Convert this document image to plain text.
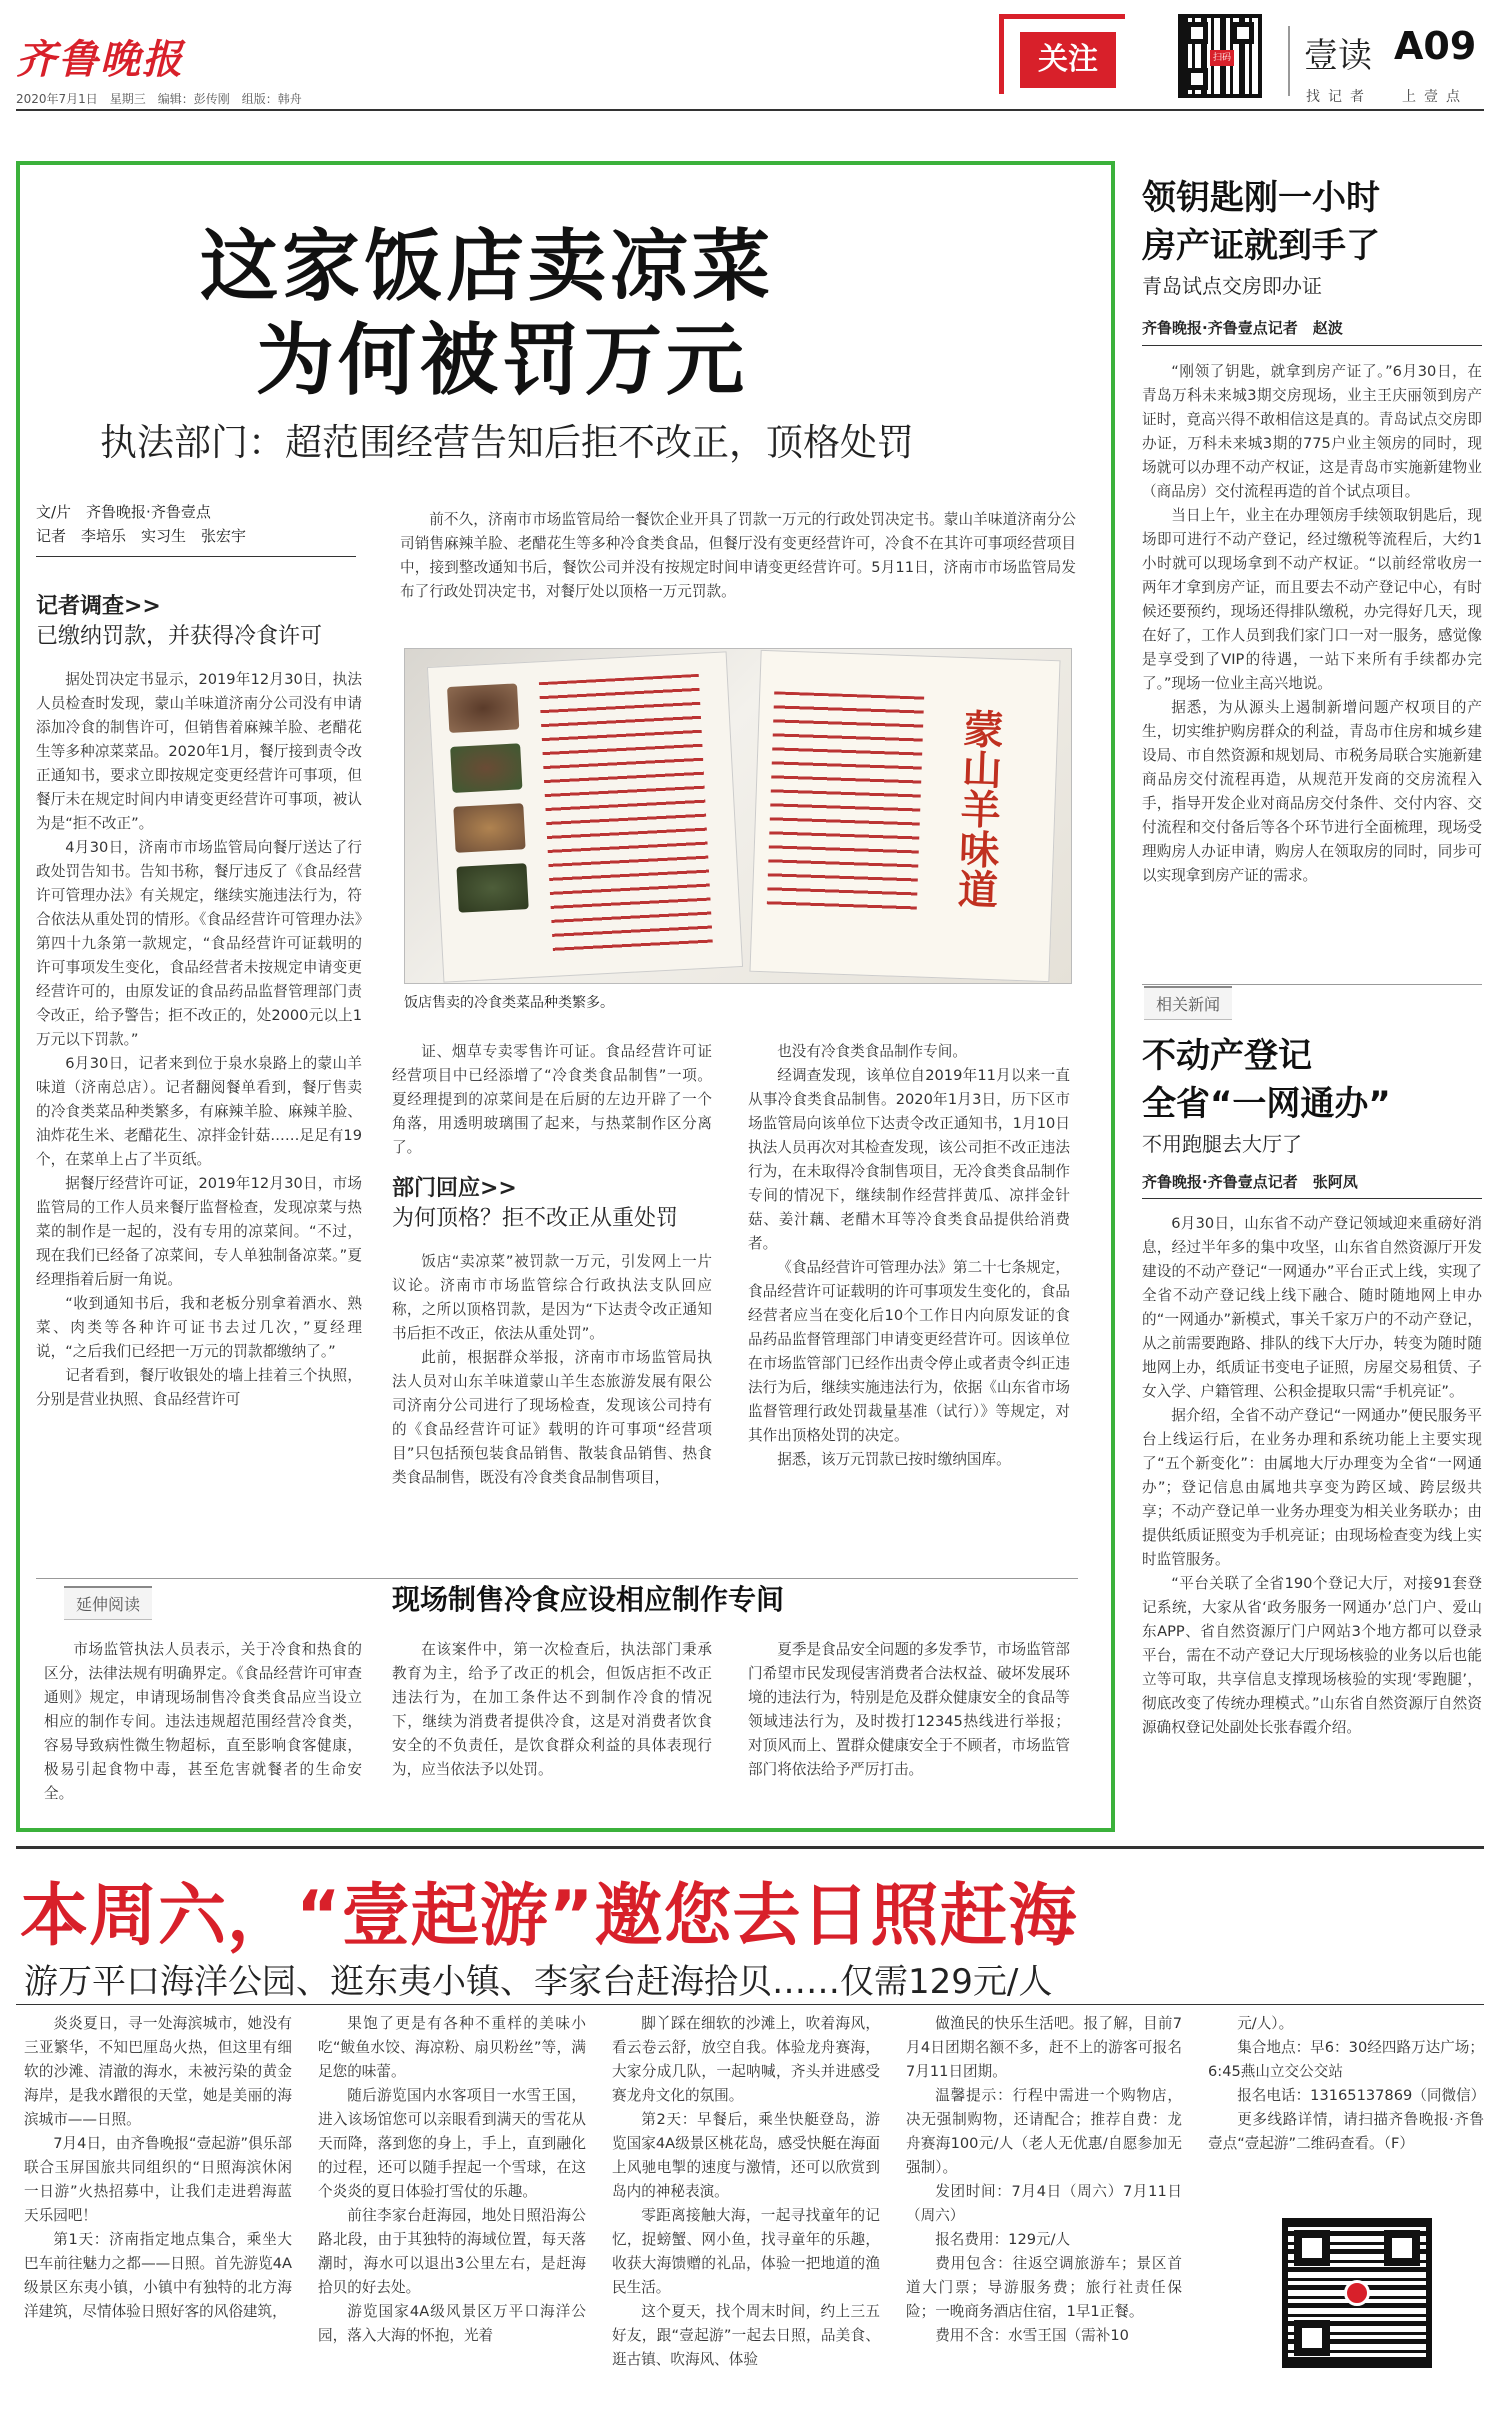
齐鲁晚报
2020年7月1日　星期三　编辑：彭传刚　组版：韩舟
关注	扫码 壹读 A09
找记者 上壹点
这家饭店卖凉菜
为何被罚万元
执法部门：超范围经营告知后拒不改正，顶格处罚
文/片　齐鲁晚报·齐鲁壹点
记者　李培乐　实习生　张宏宇
前不久，济南市市场监管局给一餐饮企业开具了罚款一万元的行政处罚决定书。蒙山羊味道济南分公司销售麻辣羊脸、老醋花生等多种冷食类食品，但餐厅没有变更经营许可，冷食不在其许可事项经营项目中，接到整改通知书后，餐饮公司并没有按规定时间申请变更经营许可。5月11日，济南市市场监管局发布了行政处罚决定书，对餐厅处以顶格一万元罚款。
蒙山羊味道
饭店售卖的冷食类菜品种类繁多。
记者调查>>
已缴纳罚款，并获得冷食许可

据处罚决定书显示，2019年12月30日，执法人员检查时发现，蒙山羊味道济南分公司没有申请添加冷食的制售许可，但销售着麻辣羊脸、老醋花生等多种凉菜菜品。2020年1月，餐厅接到责令改正通知书，要求立即按规定变更经营许可事项，但餐厅未在规定时间内申请变更经营许可事项，被认为是“拒不改正”。

4月30日，济南市市场监管局向餐厅送达了行政处罚告知书。告知书称，餐厅违反了《食品经营许可管理办法》有关规定，继续实施违法行为，符合依法从重处罚的情形。《食品经营许可管理办法》第四十九条第一款规定，“食品经营许可证载明的许可事项发生变化，食品经营者未按规定申请变更经营许可的，由原发证的食品药品监督管理部门责令改正，给予警告；拒不改正的，处2000元以上1万元以下罚款。”

6月30日，记者来到位于泉水泉路上的蒙山羊味道（济南总店）。记者翻阅餐单看到，餐厅售卖的冷食类菜品种类繁多，有麻辣羊脸、麻辣羊脸、油炸花生米、老醋花生、凉拌金针菇……足足有19个，在菜单上占了半页纸。

据餐厅经营许可证，2019年12月30日，市场监管局的工作人员来餐厅监督检查，发现凉菜与热菜的制作是一起的，没有专用的凉菜间。“不过，现在我们已经备了凉菜间，专人单独制备凉菜。”夏经理指着后厨一角说。

“收到通知书后，我和老板分别拿着酒水、熟菜、肉类等各种许可证书去过几次，”夏经理说，“之后我们已经把一万元的罚款都缴纳了。”

记者看到，餐厅收银处的墙上挂着三个执照，分别是营业执照、食品经营许可

证、烟草专卖零售许可证。食品经营许可证经营项目中已经添增了“冷食类食品制售”一项。夏经理提到的凉菜间是在后厨的左边开辟了一个角落，用透明玻璃围了起来，与热菜制作区分离了。

部门回应>>
为何顶格？拒不改正从重处罚

饭店“卖凉菜”被罚款一万元，引发网上一片议论。济南市市场监管综合行政执法支队回应称，之所以顶格罚款，是因为“下达责令改正通知书后拒不改正，依法从重处罚”。

此前，根据群众举报，济南市市场监管局执法人员对山东羊味道蒙山羊生态旅游发展有限公司济南分公司进行了现场检查，发现该公司持有的《食品经营许可证》载明的许可事项“经营项目”只包括预包装食品销售、散装食品销售、热食类食品制售，既没有冷食类食品制售项目，

也没有冷食类食品制作专间。

经调查发现，该单位自2019年11月以来一直从事冷食类食品制售。2020年1月3日，历下区市场监管局向该单位下达责令改正通知书，1月10日执法人员再次对其检查发现，该公司拒不改正违法行为，在未取得冷食制售项目，无冷食类食品制作专间的情况下，继续制作经营拌黄瓜、凉拌金针菇、姜汁藕、老醋木耳等冷食类食品提供给消费者。

《食品经营许可管理办法》第二十七条规定，食品经营许可证载明的许可事项发生变化的，食品经营者应当在变化后10个工作日内向原发证的食品药品监督管理部门申请变更经营许可。因该单位在市场监管部门已经作出责令停止或者责令纠正违法行为后，继续实施违法行为，依据《山东省市场监督管理行政处罚裁量基准（试行）》等规定，对其作出顶格处罚的决定。

据悉，该万元罚款已按时缴纳国库。

延伸阅读	现场制售冷食应设相应制作专间
市场监管执法人员表示，关于冷食和热食的区分，法律法规有明确界定。《食品经营许可审查通则》规定，申请现场制售冷食类食品应当设立相应的制作专间。违法违规超范围经营冷食类，容易导致病性微生物超标，直至影响食客健康，极易引起食物中毒，甚至危害就餐者的生命安全。
在该案件中，第一次检查后，执法部门秉承教育为主，给予了改正的机会，但饭店拒不改正违法行为，在加工条件达不到制作冷食的情况下，继续为消费者提供冷食，这是对消费者饮食安全的不负责任，是饮食群众利益的具体表现行为，应当依法予以处罚。
夏季是食品安全问题的多发季节，市场监管部门希望市民发现侵害消费者合法权益、破坏发展环境的违法行为，特别是危及群众健康安全的食品等领域违法行为，及时拨打12345热线进行举报；对顶风而上、置群众健康安全于不顾者，市场监管部门将依法给予严厉打击。
领钥匙刚一小时
房产证就到手了
青岛试点交房即办证
齐鲁晚报·齐鲁壹点记者　赵波

“刚领了钥匙，就拿到房产证了。”6月30日，在青岛万科未来城3期交房现场，业主王庆丽领到房产证时，竟高兴得不敢相信这是真的。青岛试点交房即办证，万科未来城3期的775户业主领房的同时，现场就可以办理不动产权证，这是青岛市实施新建物业（商品房）交付流程再造的首个试点项目。

当日上午，业主在办理领房手续领取钥匙后，现场即可进行不动产登记，经过缴税等流程后，大约1小时就可以现场拿到不动产权证。“以前经常收房一两年才拿到房产证，而且要去不动产登记中心，有时候还要预约，现场还得排队缴税，办完得好几天，现在好了，工作人员到我们家门口一对一服务，感觉像是享受到了VIP的待遇，一站下来所有手续都办完了。”现场一位业主高兴地说。

据悉，为从源头上遏制新增问题产权项目的产生，切实维护购房群众的利益，青岛市住房和城乡建设局、市自然资源和规划局、市税务局联合实施新建商品房交付流程再造，从规范开发商的交房流程入手，指导开发企业对商品房交付条件、交付内容、交付流程和交付备后等各个环节进行全面梳理，现场受理购房人办证申请，购房人在领取房的同时，同步可以实现拿到房产证的需求。

相关新闻
不动产登记
全省“一网通办”
不用跑腿去大厅了
齐鲁晚报·齐鲁壹点记者　张阿凤

6月30日，山东省不动产登记领域迎来重磅好消息，经过半年多的集中攻坚，山东省自然资源厅开发建设的不动产登记“一网通办”平台正式上线，实现了全省不动产登记线上线下融合、随时随地网上申办的“一网通办”新模式，事关千家万户的不动产登记，从之前需要跑路、排队的线下大厅办，转变为随时随地网上办，纸质证书变电子证照，房屋交易租赁、子女入学、户籍管理、公积金提取只需“手机亮证”。

据介绍，全省不动产登记“一网通办”便民服务平台上线运行后，在业务办理和系统功能上主要实现了“五个新变化”：由属地大厅办理变为全省“一网通办”；登记信息由属地共享变为跨区域、跨层级共享；不动产登记单一业务办理变为相关业务联办；由提供纸质证照变为手机亮证；由现场检查变为线上实时监管服务。

“平台关联了全省190个登记大厅，对接91套登记系统，大家从省‘政务服务一网通办’总门户、爱山东APP、省自然资源厅门户网站3个地方都可以登录平台，需在不动产登记大厅现场核验的业务以后也能立等可取，共享信息支撑现场核验的实现‘零跑腿’，彻底改变了传统办理模式。”山东省自然资源厅自然资源确权登记处副处长张春霞介绍。

本周六，“壹起游”邀您去日照赶海
游万平口海洋公园、逛东夷小镇、李家台赶海拾贝……仅需129元/人

炎炎夏日，寻一处海滨城市，她没有三亚繁华，不知巴厘岛火热，但这里有细软的沙滩、清澈的海水，未被污染的黄金海岸，是我水蹭很的天堂，她是美丽的海滨城市——日照。

7月4日，由齐鲁晚报“壹起游”俱乐部联合玉屏国旅共同组织的“日照海滨休闲一日游”火热招募中，让我们走进碧海蓝天乐园吧！

第1天：济南指定地点集合，乘坐大巴车前往魅力之都——日照。首先游览4A级景区东夷小镇，小镇中有独特的北方海洋建筑，尽情体验日照好客的风俗建筑，

果饱了更是有各种不重样的美味小吃“鲅鱼水饺、海凉粉、扇贝粉丝”等，满足您的味蕾。

随后游览国内水客项目一水雪王国，进入该场馆您可以亲眼看到满天的雪花从天而降，落到您的身上，手上，直到融化的过程，还可以随手捏起一个雪球，在这个炎炎的夏日体验打雪仗的乐趣。

前往李家台赶海园，地处日照沿海公路北段，由于其独特的海域位置，每天落潮时，海水可以退出3公里左右，是赶海拾贝的好去处。

游览国家4A级风景区万平口海洋公园，落入大海的怀抱，光着

脚丫踩在细软的沙滩上，吹着海风，看云卷云舒，放空自我。体验龙舟赛海，大家分成几队，一起呐喊，齐头并进感受赛龙舟文化的氛围。

第2天：早餐后，乘坐快艇登岛，游览国家4A级景区桃花岛，感受快艇在海面上风驰电掣的速度与激情，还可以欣赏到岛内的神秘表演。

零距离接触大海，一起寻找童年的记忆，捉螃蟹、网小鱼，找寻童年的乐趣，收获大海馈赠的礼品，体验一把地道的渔民生活。

这个夏天，找个周末时间，约上三五好友，跟“壹起游”一起去日照，品美食、逛古镇、吹海风、体验

做渔民的快乐生活吧。报了解，目前7月4日团期名额不多，赶不上的游客可报名7月11日团期。

温馨提示：行程中需进一个购物店，决无强制购物，还请配合；推荐自费：龙舟赛海100元/人（老人无优惠/自愿参加无强制）。

发团时间：7月4日（周六）7月11日（周六）

报名费用：129元/人

费用包含：往返空调旅游车；景区首道大门票；导游服务费；旅行社责任保险；一晚商务酒店住宿，1早1正餐。

费用不含：水雪王国（需补10

元/人）。

集合地点：早6：30经四路万达广场；6:45燕山立交公交站

报名电话：13165137869（同微信）

更多线路详情，请扫描齐鲁晚报·齐鲁壹点“壹起游”二维码查看。（F）
